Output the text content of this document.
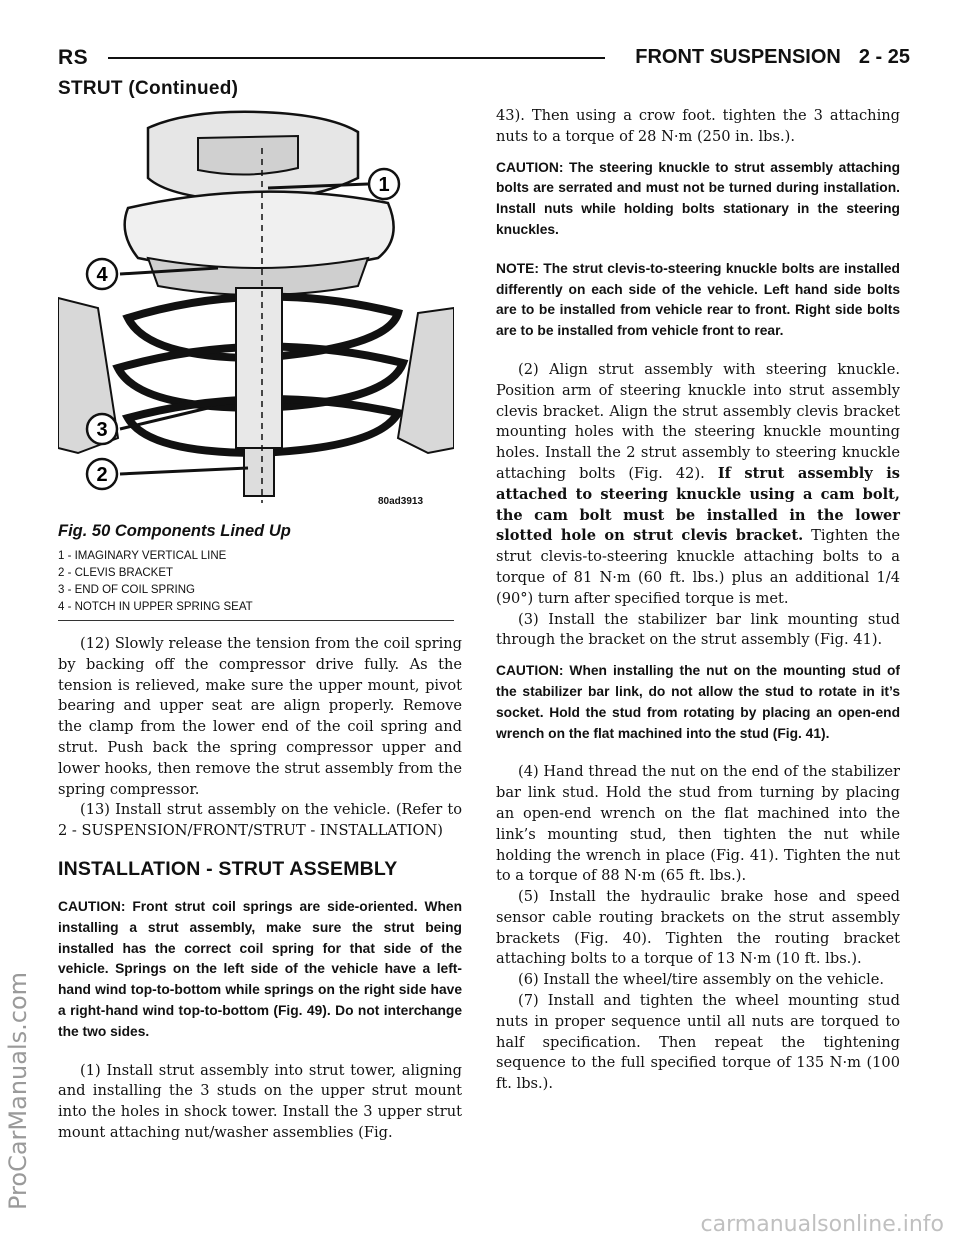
RS	FRONT SUSPENSION 2 - 25
STRUT (Continued)
1
4
3
2
80ad3913
Fig. 50 Components Lined Up
1 - IMAGINARY VERTICAL LINE
2 - CLEVIS BRACKET
3 - END OF COIL SPRING
4 - NOTCH IN UPPER SPRING SEAT

(12) Slowly release the tension from the coil spring by backing off the compressor drive fully. As the tension is relieved, make sure the upper mount, pivot bearing and upper seat are align properly. Remove the clamp from the lower end of the coil spring and strut. Push back the spring compressor upper and lower hooks, then remove the strut assembly from the spring compressor.

(13) Install strut assembly on the vehicle. (Refer to 2 - SUSPENSION/FRONT/STRUT - INSTALLATION)

INSTALLATION - STRUT ASSEMBLY

CAUTION: Front strut coil springs are side-oriented. When installing a strut assembly, make sure the strut being installed has the correct coil spring for that side of the vehicle. Springs on the left side of the vehicle have a left-hand wind top-to-bottom while springs on the right side have a right-hand wind top-to-bottom (Fig. 49). Do not interchange the two sides.

(1) Install strut assembly into strut tower, aligning and installing the 3 studs on the upper strut mount into the holes in shock tower. Install the 3 upper strut mount attaching nut/washer assemblies (Fig.

43). Then using a crow foot. tighten the 3 attaching nuts to a torque of 28 N·m (250 in. lbs.).

CAUTION: The steering knuckle to strut assembly attaching bolts are serrated and must not be turned during installation. Install nuts while holding bolts stationary in the steering knuckles.

NOTE: The strut clevis-to-steering knuckle bolts are installed differently on each side of the vehicle. Left hand side bolts are to be installed from vehicle rear to front. Right side bolts are to be installed from vehicle front to rear.

(2) Align strut assembly with steering knuckle. Position arm of steering knuckle into strut assembly clevis bracket. Align the strut assembly clevis bracket mounting holes with the steering knuckle mounting holes. Install the 2 strut assembly to steering knuckle attaching bolts (Fig. 42). If strut assembly is attached to steering knuckle using a cam bolt, the cam bolt must be installed in the lower slotted hole on strut clevis bracket. Tighten the strut clevis-to-steering knuckle attaching bolts to a torque of 81 N·m (60 ft. lbs.) plus an additional 1/4 (90°) turn after specified torque is met.

(3) Install the stabilizer bar link mounting stud through the bracket on the strut assembly (Fig. 41).

CAUTION: When installing the nut on the mounting stud of the stabilizer bar link, do not allow the stud to rotate in it’s socket. Hold the stud from rotating by placing an open-end wrench on the flat machined into the stud (Fig. 41).

(4) Hand thread the nut on the end of the stabilizer bar link stud. Hold the stud from turning by placing an open-end wrench on the flat machined into the link’s mounting stud, then tighten the nut while holding the wrench in place (Fig. 41). Tighten the nut to a torque of 88 N·m (65 ft. lbs.).

(5) Install the hydraulic brake hose and speed sensor cable routing brackets on the strut assembly brackets (Fig. 40). Tighten the routing bracket attaching bolts to a torque of 13 N·m (10 ft. lbs.).

(6) Install the wheel/tire assembly on the vehicle.

(7) Install and tighten the wheel mounting stud nuts in proper sequence until all nuts are torqued to half specification. Then repeat the tightening sequence to the full specified torque of 135 N·m (100 ft. lbs.).

ProCarManuals.com
carmanualsonline.info
